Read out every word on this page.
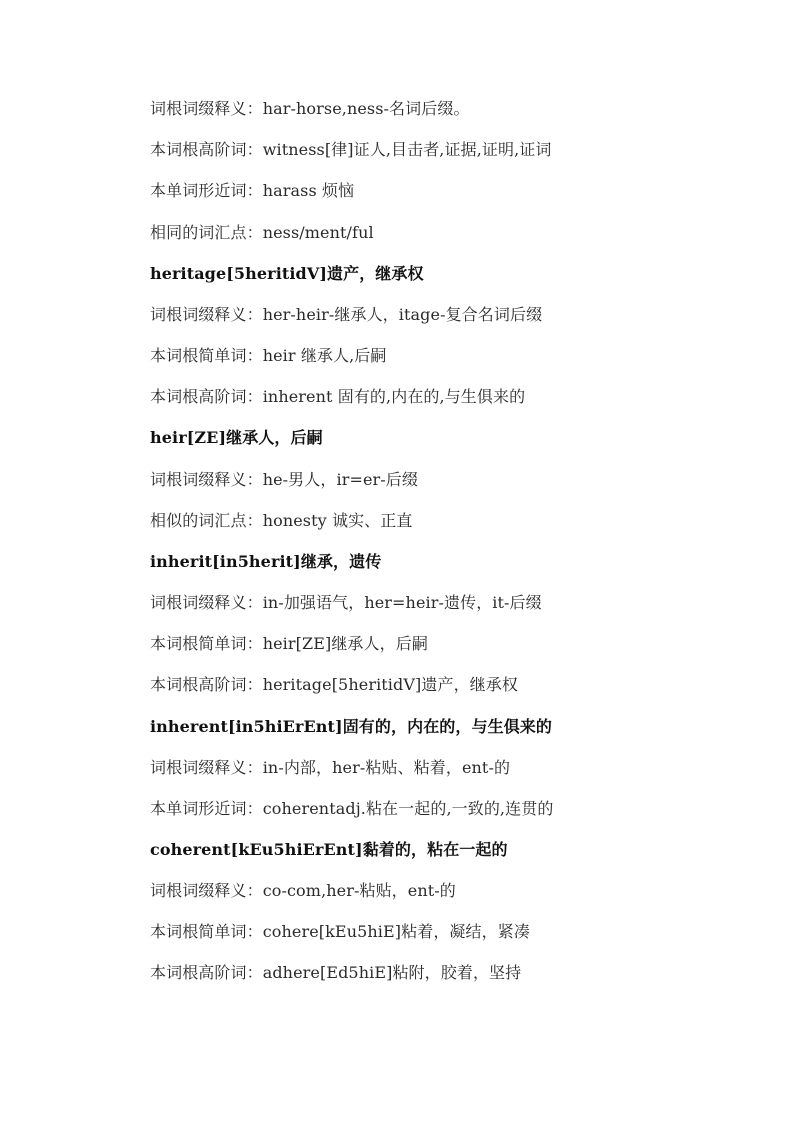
词根词缀释义：har-horse,ness-名词后缀。
本词根高阶词：witness[律]证人,目击者,证据,证明,证词
本单词形近词：harass 烦恼
相同的词汇点：ness/ment/ful
heritage[5heritidV]遗产，继承权
词根词缀释义：her-heir-继承人，itage-复合名词后缀
本词根简单词：heir 继承人,后嗣
本词根高阶词：inherent 固有的,内在的,与生俱来的
heir[ZE]继承人，后嗣
词根词缀释义：he-男人，ir=er-后缀
相似的词汇点：honesty 诚实、正直
inherit[in5herit]继承，遗传
词根词缀释义：in-加强语气，her=heir-遗传，it-后缀
本词根简单词：heir[ZE]继承人，后嗣
本词根高阶词：heritage[5heritidV]遗产，继承权
inherent[in5hiErEnt]固有的，内在的，与生俱来的
词根词缀释义：in-内部，her-粘贴、粘着，ent-的
本单词形近词：coherentadj.粘在一起的,一致的,连贯的
coherent[kEu5hiErEnt]黏着的，粘在一起的
词根词缀释义：co-com,her-粘贴，ent-的
本词根简单词：cohere[kEu5hiE]粘着，凝结，紧凑
本词根高阶词：adhere[Ed5hiE]粘附，胶着，坚持
